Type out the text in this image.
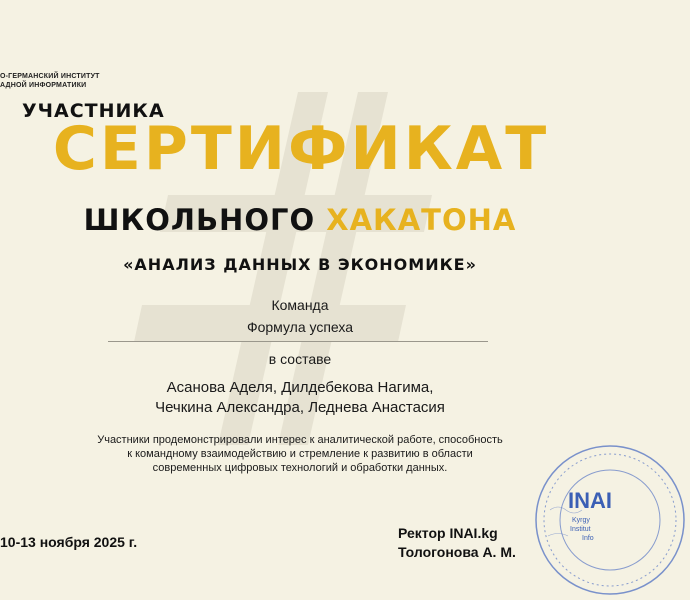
О-ГЕРМАНСКИЙ ИНСТИТУТ
АДНОЙ ИНФОРМАТИКИ
УЧАСТНИКА
СЕРТИФИКАТ
ШКОЛЬНОГО ХАКАТОНА
«АНАЛИЗ ДАННЫХ В ЭКОНОМИКЕ»
Команда
Формула успеха
в составе
Асанова Аделя, Дилдебекова Нагима,
Чечкина Александра, Леднева Анастасия
Участники продемонстрировали интерес к аналитической работе, способность
к командному взаимодействию и стремление к развитию в области
современных цифровых технологий и обработки данных.
10-13 ноября 2025 г.
Ректор INAI.kg
Тологонова А. М.
INAI
Kyrgy
Institut
Info
